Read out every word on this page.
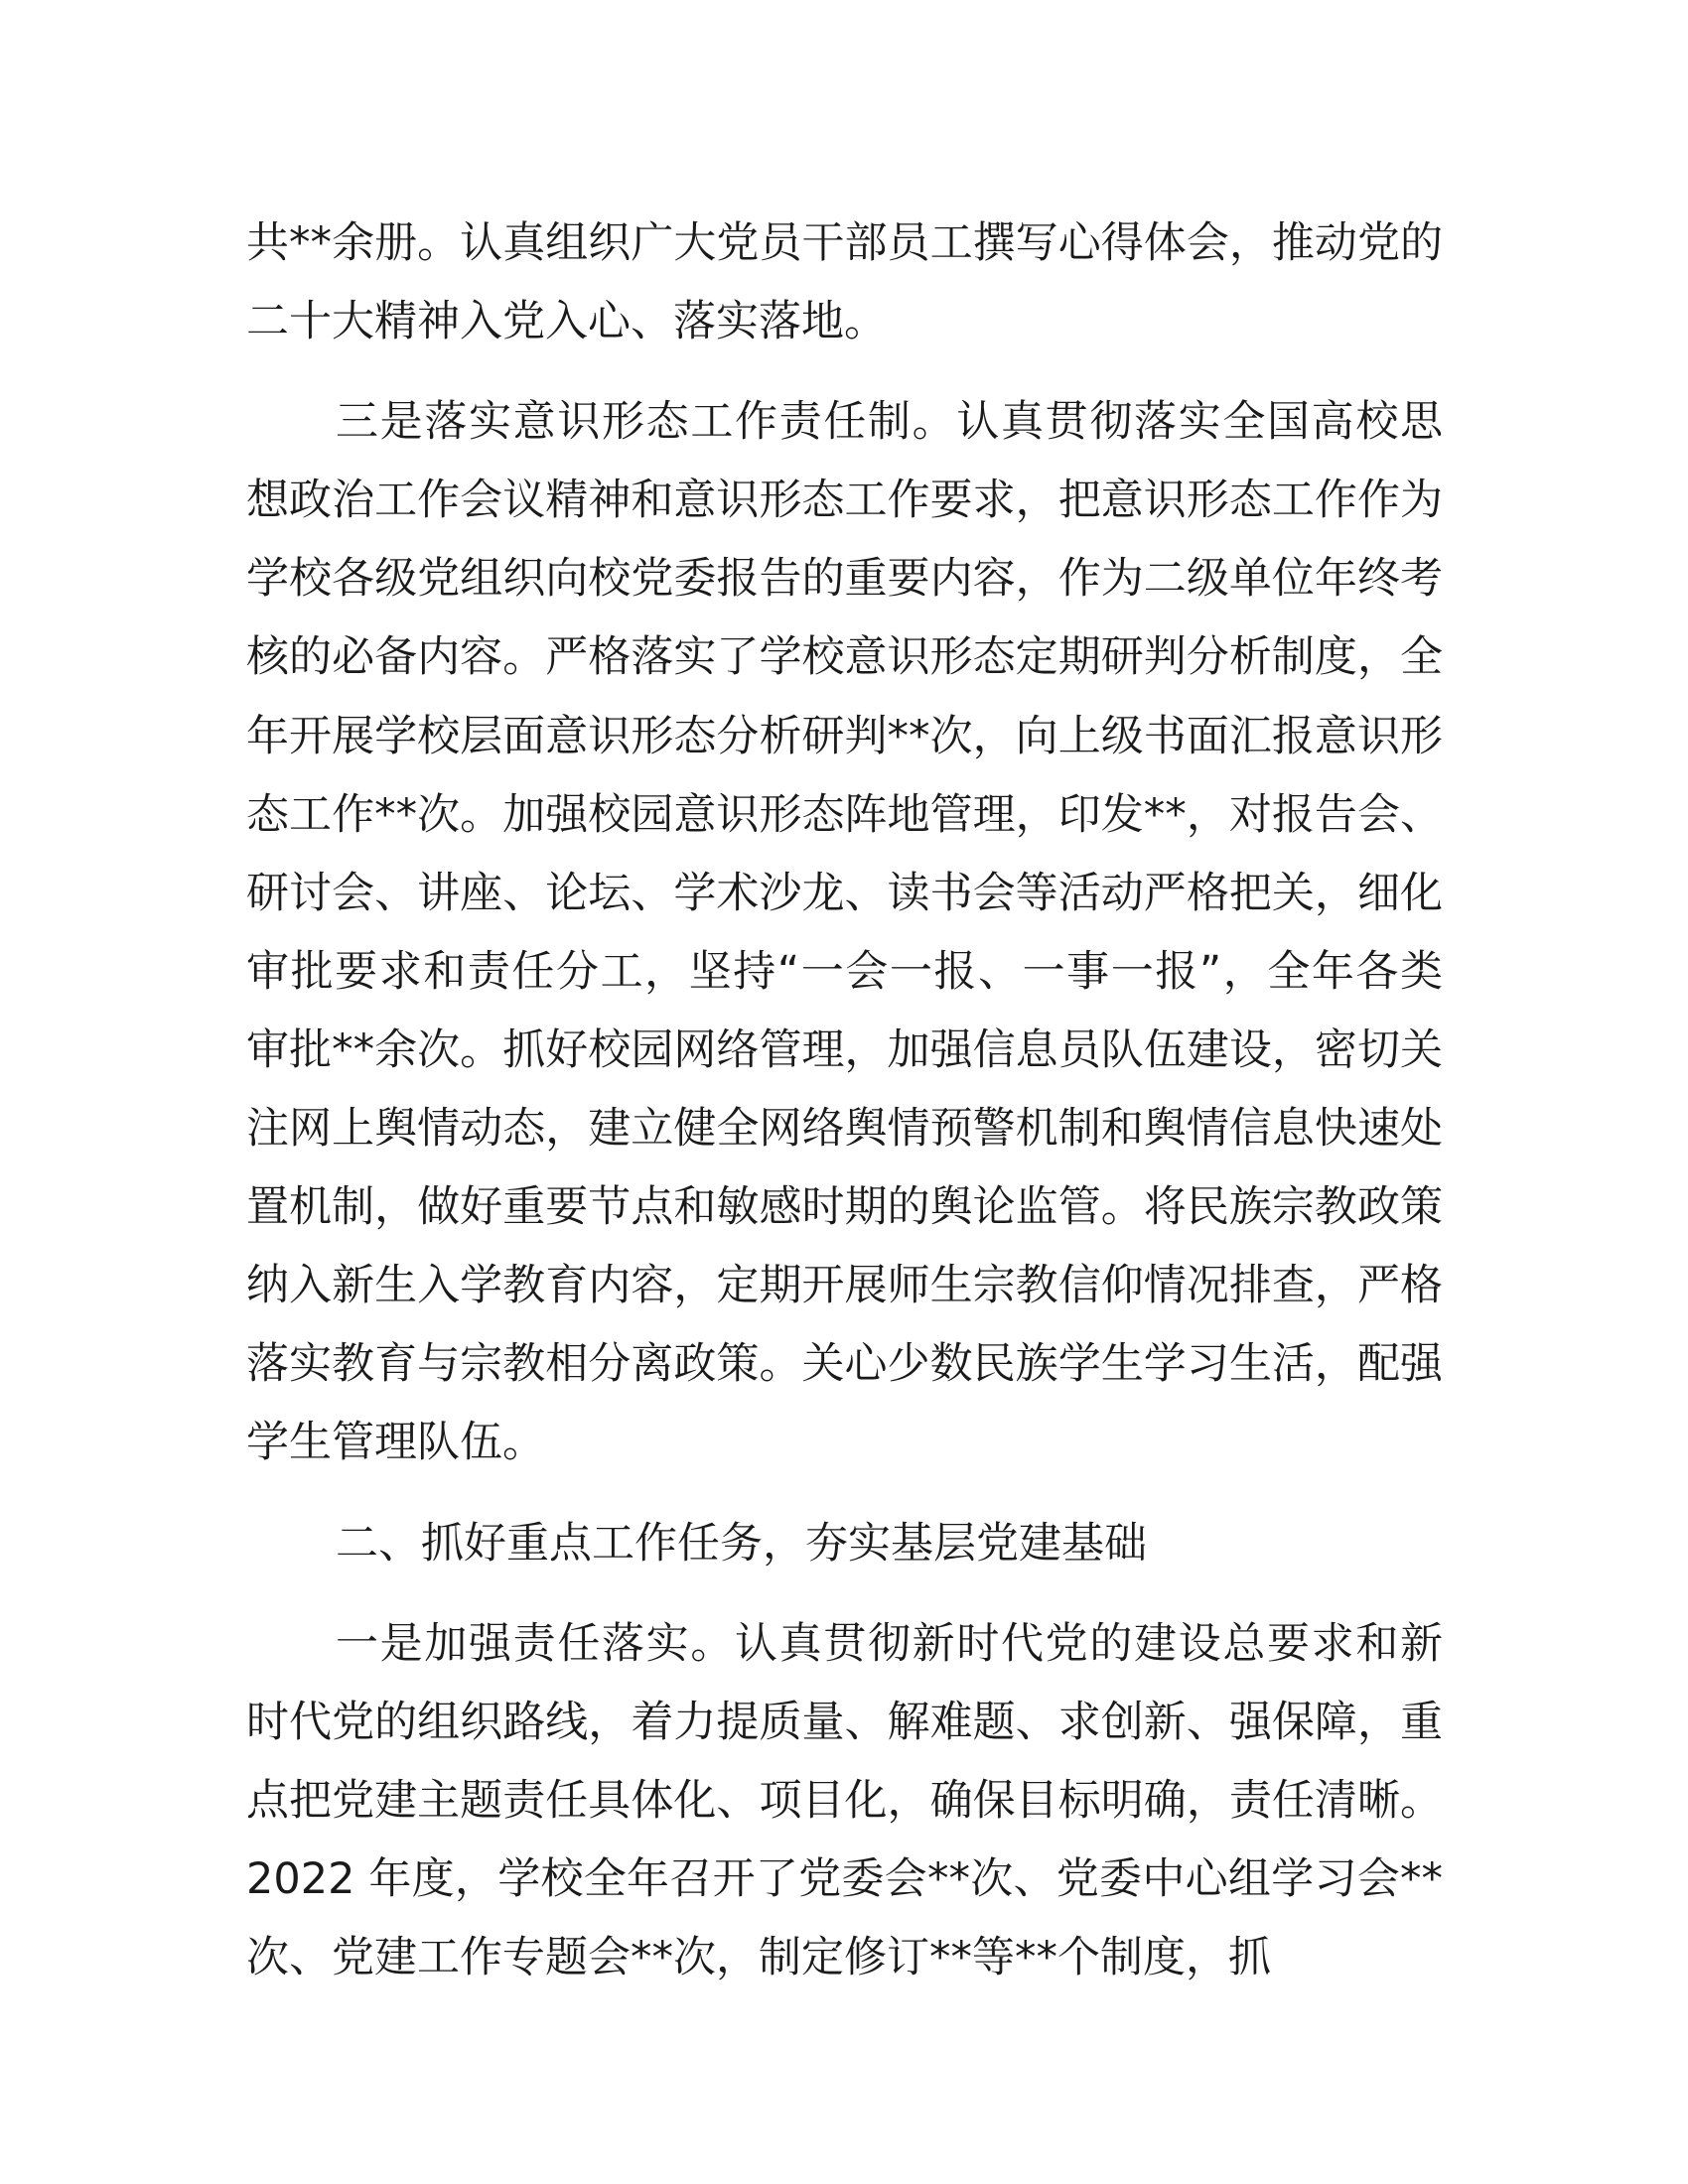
共**余册。认真组织广大党员干部员工撰写心得体会，推动党的二十大精神入党入心、落实落地。

三是落实意识形态工作责任制。认真贯彻落实全国高校思想政治工作会议精神和意识形态工作要求，把意识形态工作作为学校各级党组织向校党委报告的重要内容，作为二级单位年终考核的必备内容。严格落实了学校意识形态定期研判分析制度，全年开展学校层面意识形态分析研判**次，向上级书面汇报意识形态工作**次。加强校园意识形态阵地管理，印发**，对报告会、研讨会、讲座、论坛、学术沙龙、读书会等活动严格把关，细化审批要求和责任分工，坚持“一会一报、一事一报”，全年各类审批**余次。抓好校园网络管理，加强信息员队伍建设，密切关注网上舆情动态，建立健全网络舆情预警机制和舆情信息快速处置机制，做好重要节点和敏感时期的舆论监管。将民族宗教政策纳入新生入学教育内容，定期开展师生宗教信仰情况排查，严格落实教育与宗教相分离政策。关心少数民族学生学习生活，配强学生管理队伍。

二、抓好重点工作任务，夯实基层党建基础

一是加强责任落实。认真贯彻新时代党的建设总要求和新时代党的组织路线，着力提质量、解难题、求创新、强保障，重点把党建主题责任具体化、项目化，确保目标明确，责任清晰。2022 年度，学校全年召开了党委会**次、党委中心组学习会**次、党建工作专题会**次，制定修订**等**个制度，抓
